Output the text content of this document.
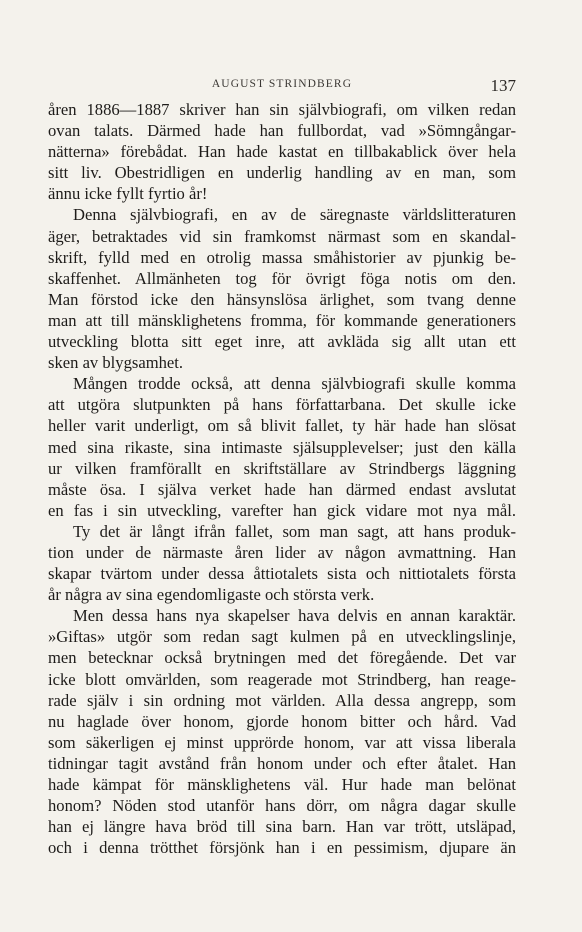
AUGUST STRINDBERG	137
åren 1886—1887 skriver han sin självbiografi, om vilken redan
ovan talats. Därmed hade han fullbordat, vad »Sömngångar-
nätterna» förebådat. Han hade kastat en tillbakablick över hela
sitt liv. Obestridligen en underlig handling av en man, som
ännu icke fyllt fyrtio år!
Denna självbiografi, en av de säregnaste världslitteraturen
äger, betraktades vid sin framkomst närmast som en skandal-
skrift, fylld med en otrolig massa småhistorier av pjunkig be-
skaffenhet. Allmänheten tog för övrigt föga notis om den.
Man förstod icke den hänsynslösa ärlighet, som tvang denne
man att till mänsklighetens fromma, för kommande generationers
utveckling blotta sitt eget inre, att avkläda sig allt utan ett
sken av blygsamhet.
Mången trodde också, att denna självbiografi skulle komma
att utgöra slutpunkten på hans författarbana. Det skulle icke
heller varit underligt, om så blivit fallet, ty här hade han slösat
med sina rikaste, sina intimaste själsupplevelser; just den källa
ur vilken framförallt en skriftställare av Strindbergs läggning
måste ösa. I själva verket hade han därmed endast avslutat
en fas i sin utveckling, varefter han gick vidare mot nya mål.
Ty det är långt ifrån fallet, som man sagt, att hans produk-
tion under de närmaste åren lider av någon avmattning. Han
skapar tvärtom under dessa åttiotalets sista och nittiotalets första
år några av sina egendomligaste och största verk.
Men dessa hans nya skapelser hava delvis en annan karaktär.
»Giftas» utgör som redan sagt kulmen på en utvecklingslinje,
men betecknar också brytningen med det föregående. Det var
icke blott omvärlden, som reagerade mot Strindberg, han reage-
rade själv i sin ordning mot världen. Alla dessa angrepp, som
nu haglade över honom, gjorde honom bitter och hård. Vad
som säkerligen ej minst upprörde honom, var att vissa liberala
tidningar tagit avstånd från honom under och efter åtalet. Han
hade kämpat för mänsklighetens väl. Hur hade man belönat
honom? Nöden stod utanför hans dörr, om några dagar skulle
han ej längre hava bröd till sina barn. Han var trött, utsläpad,
och i denna trötthet försjönk han i en pessimism, djupare än
